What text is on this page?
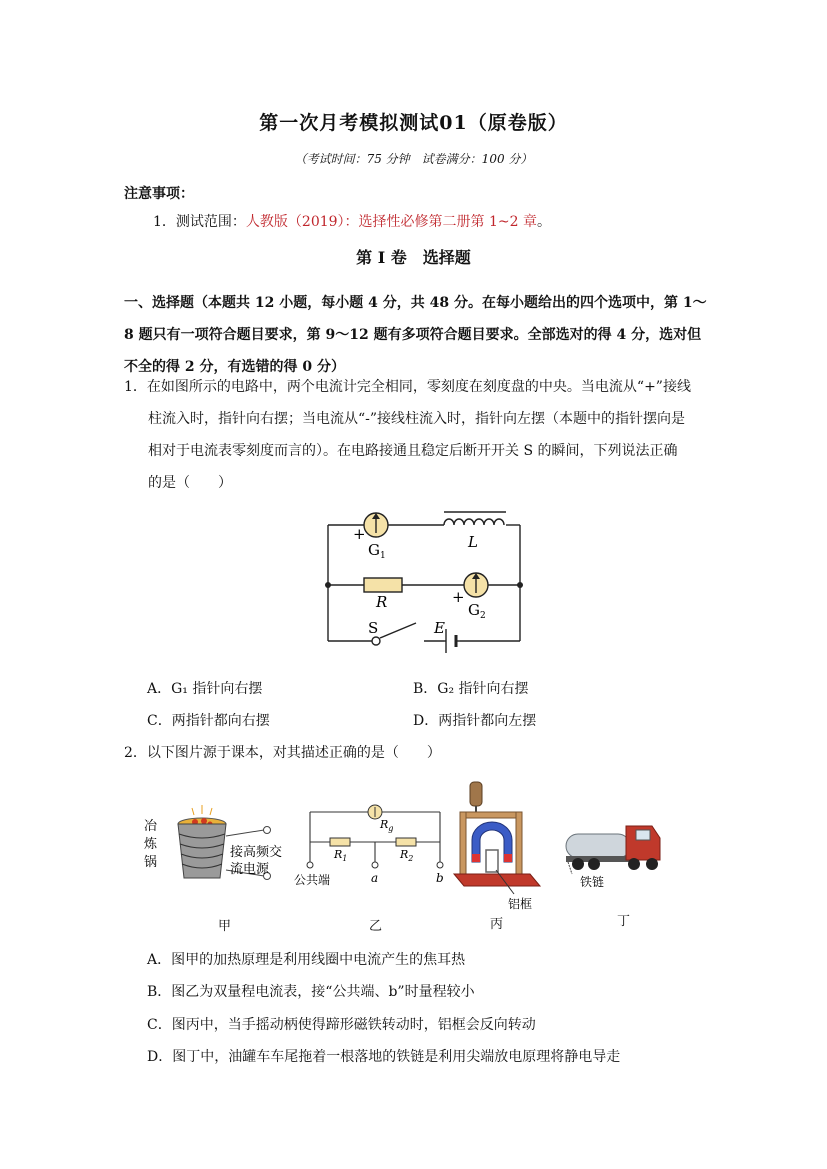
第一次月考模拟测试01（原卷版）
（考试时间：75 分钟　试卷满分：100 分）
注意事项：
1．测试范围：人教版（2019）：选择性必修第二册第 1~2 章。
第 I 卷　选择题
一、选择题（本题共 12 小题，每小题 4 分，共 48 分。在每小题给出的四个选项中，第 1～8 题只有一项符合题目要求，第 9～12 题有多项符合题目要求。全部选对的得 4 分，选对但不全的得 2 分，有选错的得 0 分）
1．在如图所示的电路中，两个电流计完全相同，零刻度在刻度盘的中央。当电流从“+”接线
柱流入时，指针向右摆；当电流从“-”接线柱流入时，指针向左摆（本题中的指针摆向是
相对于电流表零刻度而言的）。在电路接通且稳定后断开开关 S 的瞬间，下列说法正确
的是（　　）
+
$G_1$
L
R	+
$G_2$
S	E
A．G₁ 指针向右摆	B．G₂ 指针向右摆
C．两指针都向右摆	D．两指针都向左摆
2．以下图片源于课本，对其描述正确的是（　　）
冶
炼
锅
接高频交
流电源
$R_g$
$R_1$	$R_2$
公共端	a	b
铝框
铁链
甲	乙	丙	丁
A．图甲的加热原理是利用线圈中电流产生的焦耳热
B．图乙为双量程电流表，接“公共端、b”时量程较小
C．图丙中，当手摇动柄使得蹄形磁铁转动时，铝框会反向转动
D．图丁中，油罐车车尾拖着一根落地的铁链是利用尖端放电原理将静电导走
